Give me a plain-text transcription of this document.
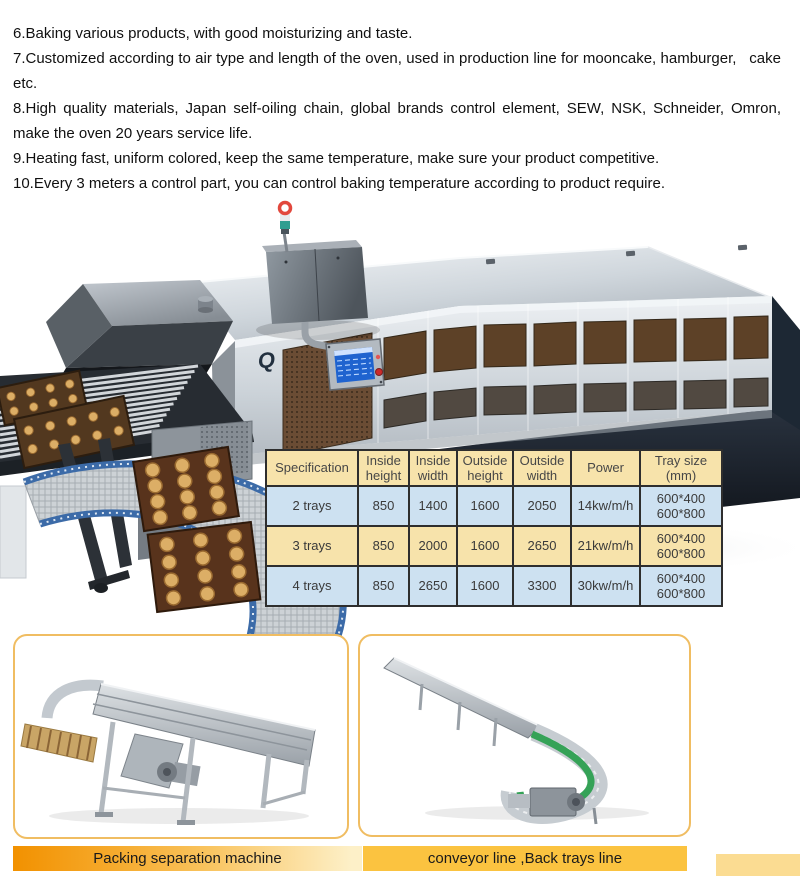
6.Baking various products, with good moisturizing and taste.

7.Customized according to air type and length of the oven, used in production line for mooncake, hamburger,   cake etc.

8.High quality materials, Japan self-oiling chain, global brands control element, SEW, NSK, Schneider, Omron, make the oven 20 years service life.

9.Heating fast, uniform colored, keep the same temperature, make sure your product competitive.

10.Every 3 meters a control part, you can control baking temperature according to product require.

Q
Specification	Inside height	Inside width	Outside height	Outside width	Power	Tray size (mm)
2 trays	850	1400	1600	2050	14kw/m/h	600*400 600*800
3 trays	850	2000	1600	2650	21kw/m/h	600*400 600*800
4 trays	850	2650	1600	3300	30kw/m/h	600*400 600*800
Packing separation machine	conveyor line ,Back trays line
